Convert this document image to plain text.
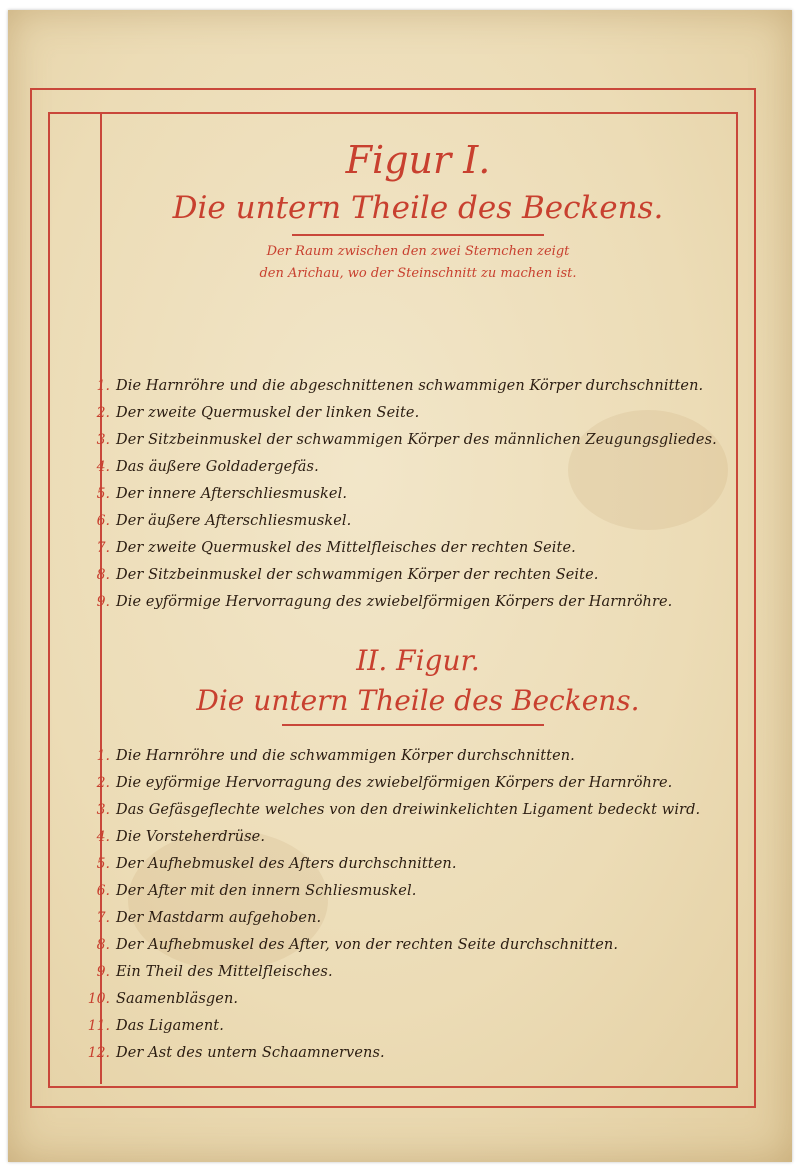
Figur I.
Die untern Theile des Beckens.
Der Raum zwischen den zwei Sternchen zeigt
den Arichau, wo der Steinschnitt zu machen ist.
1. Die Harnröhre und die abgeschnittenen schwammigen Körper durchschnitten.
2. Der zweite Quermuskel der linken Seite.
3. Der Sitzbeinmuskel der schwammigen Körper des männlichen Zeugungsgliedes.
4. Das äußere Goldadergefäs.
5. Der innere Afterschliesmuskel.
6. Der äußere Afterschliesmuskel.
7. Der zweite Quermuskel des Mittelfleisches der rechten Seite.
8. Der Sitzbeinmuskel der schwammigen Körper der rechten Seite.
9. Die eyförmige Hervorragung des zwiebelförmigen Körpers der Harnröhre.
II. Figur.
Die untern Theile des Beckens.
1. Die Harnröhre und die schwammigen Körper durchschnitten.
2. Die eyförmige Hervorragung des zwiebelförmigen Körpers der Harnröhre.
3. Das Gefäsgeflechte welches von den dreiwinkelichten Ligament bedeckt wird.
4. Die Vorsteherdrüse.
5. Der Aufhebmuskel des Afters durchschnitten.
6. Der After mit den innern Schliesmuskel.
7. Der Mastdarm aufgehoben.
8. Der Aufhebmuskel des After, von der rechten Seite durchschnitten.
9. Ein Theil des Mittelfleisches.
10. Saamenbläsgen.
11. Das Ligament.
12. Der Ast des untern Schaamnervens.
